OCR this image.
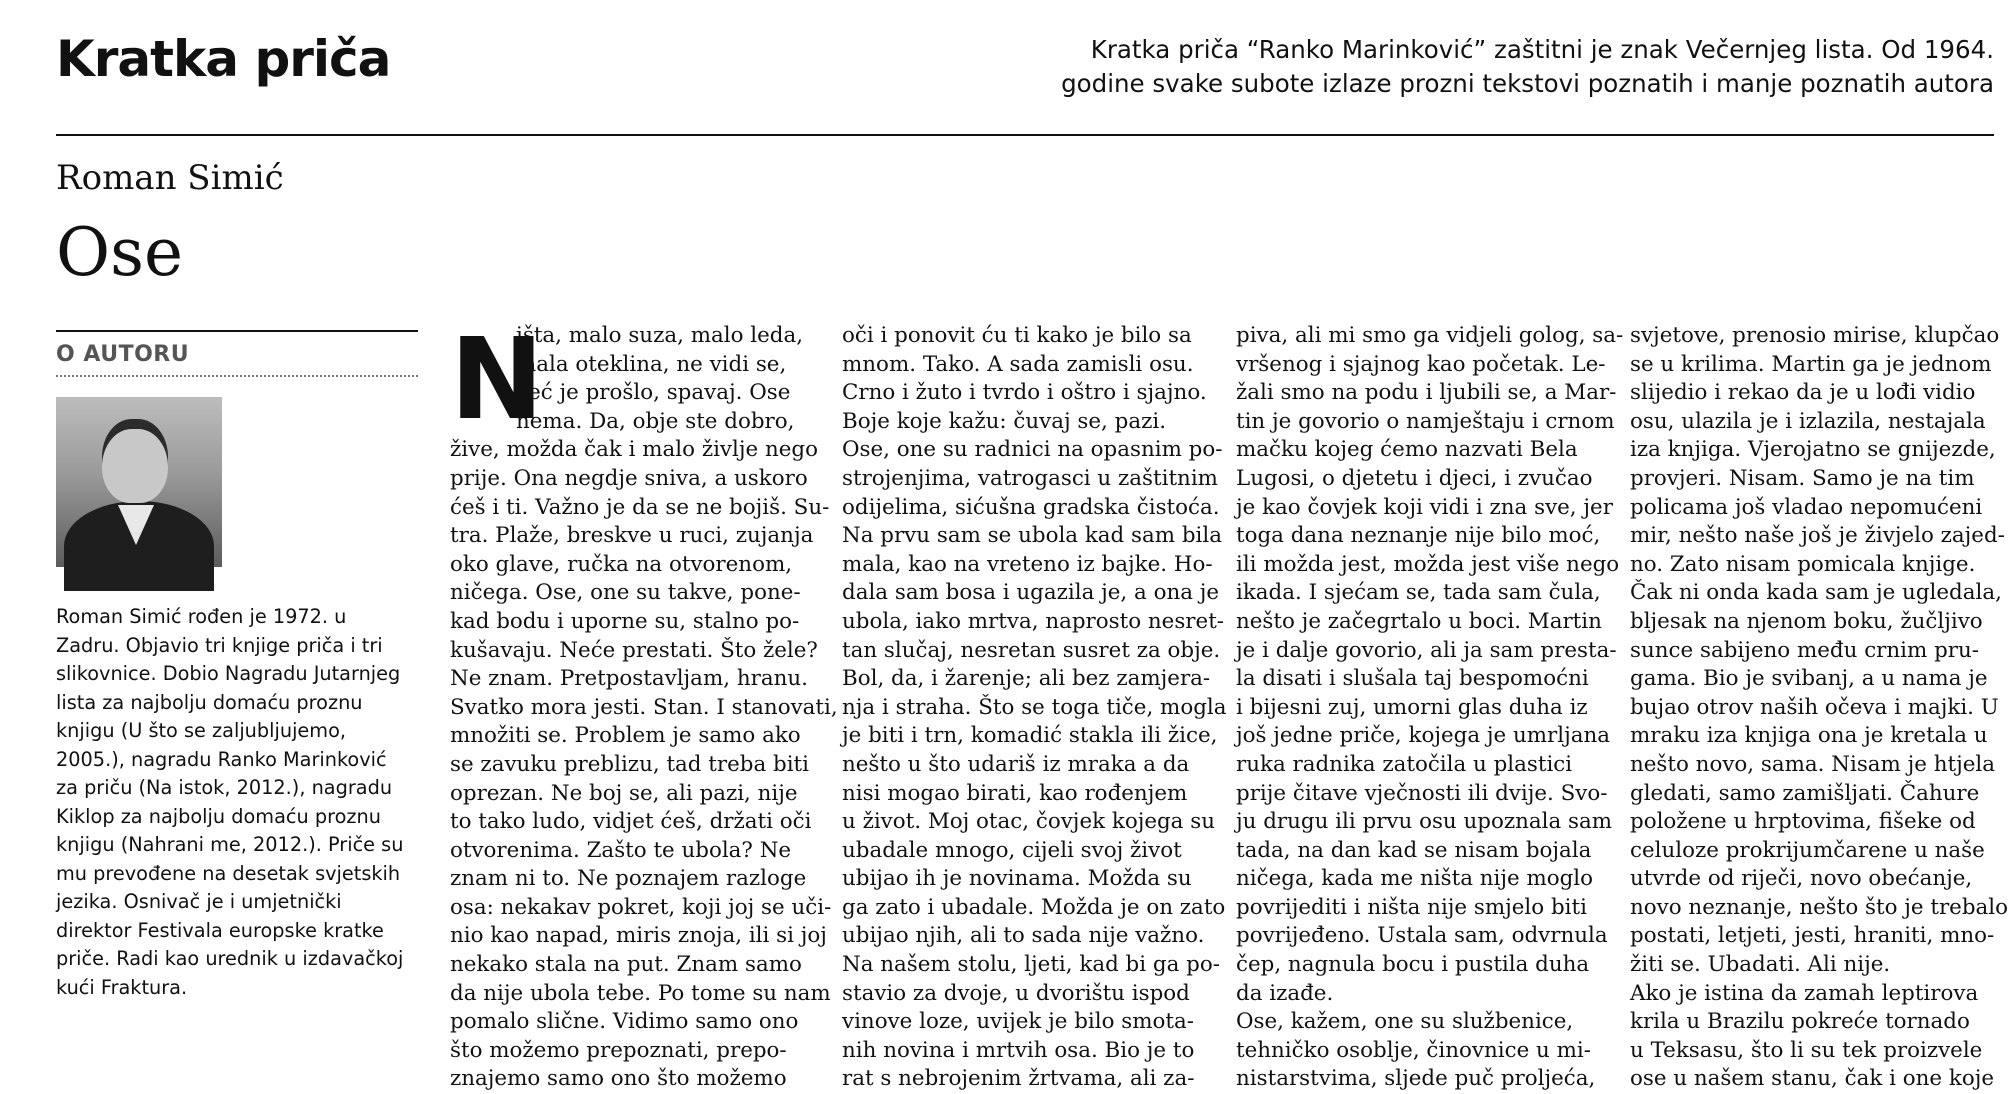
Kratka priča	Kratka priča “Ranko Marinković” zaštitni je znak Večernjeg lista. Od 1964.
godine svake subote izlaze prozni tekstovi poznatih i manje poznatih autora
Roman Simić
Ose
O AUTORU
Roman Simić rođen je 1972. u
Zadru. Objavio tri knjige priča i tri
slikovnice. Dobio Nagradu Jutarnjeg
lista za najbolju domaću proznu
knjigu (U što se zaljubljujemo,
2005.), nagradu Ranko Marinković
za priču (Na istok, 2012.), nagradu
Kiklop za najbolju domaću proznu
knjigu (Nahrani me, 2012.). Priče su
mu prevođene na desetak svjetskih
jezika. Osnivač je i umjetnički
direktor Festivala europske kratke
priče. Radi kao urednik u izdavačkoj
kući Fraktura.
N
išta, malo suza, malo leda,
mala oteklina, ne vidi se,
već je prošlo, spavaj. Ose
nema. Da, obje ste dobro,
žive, možda čak i malo življe nego
prije. Ona negdje sniva, a uskoro
ćeš i ti. Važno je da se ne bojiš. Su-
tra. Plaže, breskve u ruci, zujanja
oko glave, ručka na otvorenom,
ničega. Ose, one su takve, pone-
kad bodu i uporne su, stalno po-
kušavaju. Neće prestati. Što žele?
Ne znam. Pretpostavljam, hranu.
Svatko mora jesti. Stan. I stanovati,
množiti se. Problem je samo ako
se zavuku preblizu, tad treba biti
oprezan. Ne boj se, ali pazi, nije
to tako ludo, vidjet ćeš, držati oči
otvorenima. Zašto te ubola? Ne
znam ni to. Ne poznajem razloge
osa: nekakav pokret, koji joj se uči-
nio kao napad, miris znoja, ili si joj
nekako stala na put. Znam samo
da nije ubola tebe. Po tome su nam
pomalo slične. Vidimo samo ono
što možemo prepoznati, prepo-
znajemo samo ono što možemo
oči i ponovit ću ti kako je bilo sa
mnom. Tako. A sada zamisli osu.
Crno i žuto i tvrdo i oštro i sjajno.
Boje koje kažu: čuvaj se, pazi.
Ose, one su radnici na opasnim po-
strojenjima, vatrogasci u zaštitnim
odijelima, sićušna gradska čistoća.
Na prvu sam se ubola kad sam bila
mala, kao na vreteno iz bajke. Ho-
dala sam bosa i ugazila je, a ona je
ubola, iako mrtva, naprosto nesret-
tan slučaj, nesretan susret za obje.
Bol, da, i žarenje; ali bez zamjera-
nja i straha. Što se toga tiče, mogla
je biti i trn, komadić stakla ili žice,
nešto u što udariš iz mraka a da
nisi mogao birati, kao rođenjem
u život. Moj otac, čovjek kojega su
ubadale mnogo, cijeli svoj život
ubijao ih je novinama. Možda su
ga zato i ubadale. Možda je on zato
ubijao njih, ali to sada nije važno.
Na našem stolu, ljeti, kad bi ga po-
stavio za dvoje, u dvorištu ispod
vinove loze, uvijek je bilo smota-
nih novina i mrtvih osa. Bio je to
rat s nebrojenim žrtvama, ali za-
piva, ali mi smo ga vidjeli golog, sa-
vršenog i sjajnog kao početak. Le-
žali smo na podu i ljubili se, a Mar-
tin je govorio o namještaju i crnom
mačku kojeg ćemo nazvati Bela
Lugosi, o djetetu i djeci, i zvučao
je kao čovjek koji vidi i zna sve, jer
toga dana neznanje nije bilo moć,
ili možda jest, možda jest više nego
ikada. I sjećam se, tada sam čula,
nešto je začegrtalo u boci. Martin
je i dalje govorio, ali ja sam presta-
la disati i slušala taj bespomoćni
i bijesni zuj, umorni glas duha iz
još jedne priče, kojega je umrljana
ruka radnika zatočila u plastici
prije čitave vječnosti ili dvije. Svo-
ju drugu ili prvu osu upoznala sam
tada, na dan kad se nisam bojala
ničega, kada me ništa nije moglo
povrijediti i ništa nije smjelo biti
povrijeđeno. Ustala sam, odvrnula
čep, nagnula bocu i pustila duha
da izađe.
Ose, kažem, one su službenice,
tehničko osoblje, činovnice u mi-
nistarstvima, sljede puč proljeća,
svjetove, prenosio mirise, klupčao
se u krilima. Martin ga je jednom
slijedio i rekao da je u lođi vidio
osu, ulazila je i izlazila, nestajala
iza knjiga. Vjerojatno se gnijezde,
provjeri. Nisam. Samo je na tim
policama još vladao nepomućeni
mir, nešto naše još je živjelo zajed-
no. Zato nisam pomicala knjige.
Čak ni onda kada sam je ugledala,
bljesak na njenom boku, žučljivo
sunce sabijeno među crnim pru-
gama. Bio je svibanj, a u nama je
bujao otrov naših očeva i majki. U
mraku iza knjiga ona je kretala u
nešto novo, sama. Nisam je htjela
gledati, samo zamišljati. Čahure
položene u hrptovima, fišeke od
celuloze prokrijumčarene u naše
utvrde od riječi, novo obećanje,
novo neznanje, nešto što je trebalo
postati, letjeti, jesti, hraniti, mno-
žiti se. Ubadati. Ali nije.
Ako je istina da zamah leptirova
krila u Brazilu pokreće tornado
u Teksasu, što li su tek proizvele
ose u našem stanu, čak i one koje
